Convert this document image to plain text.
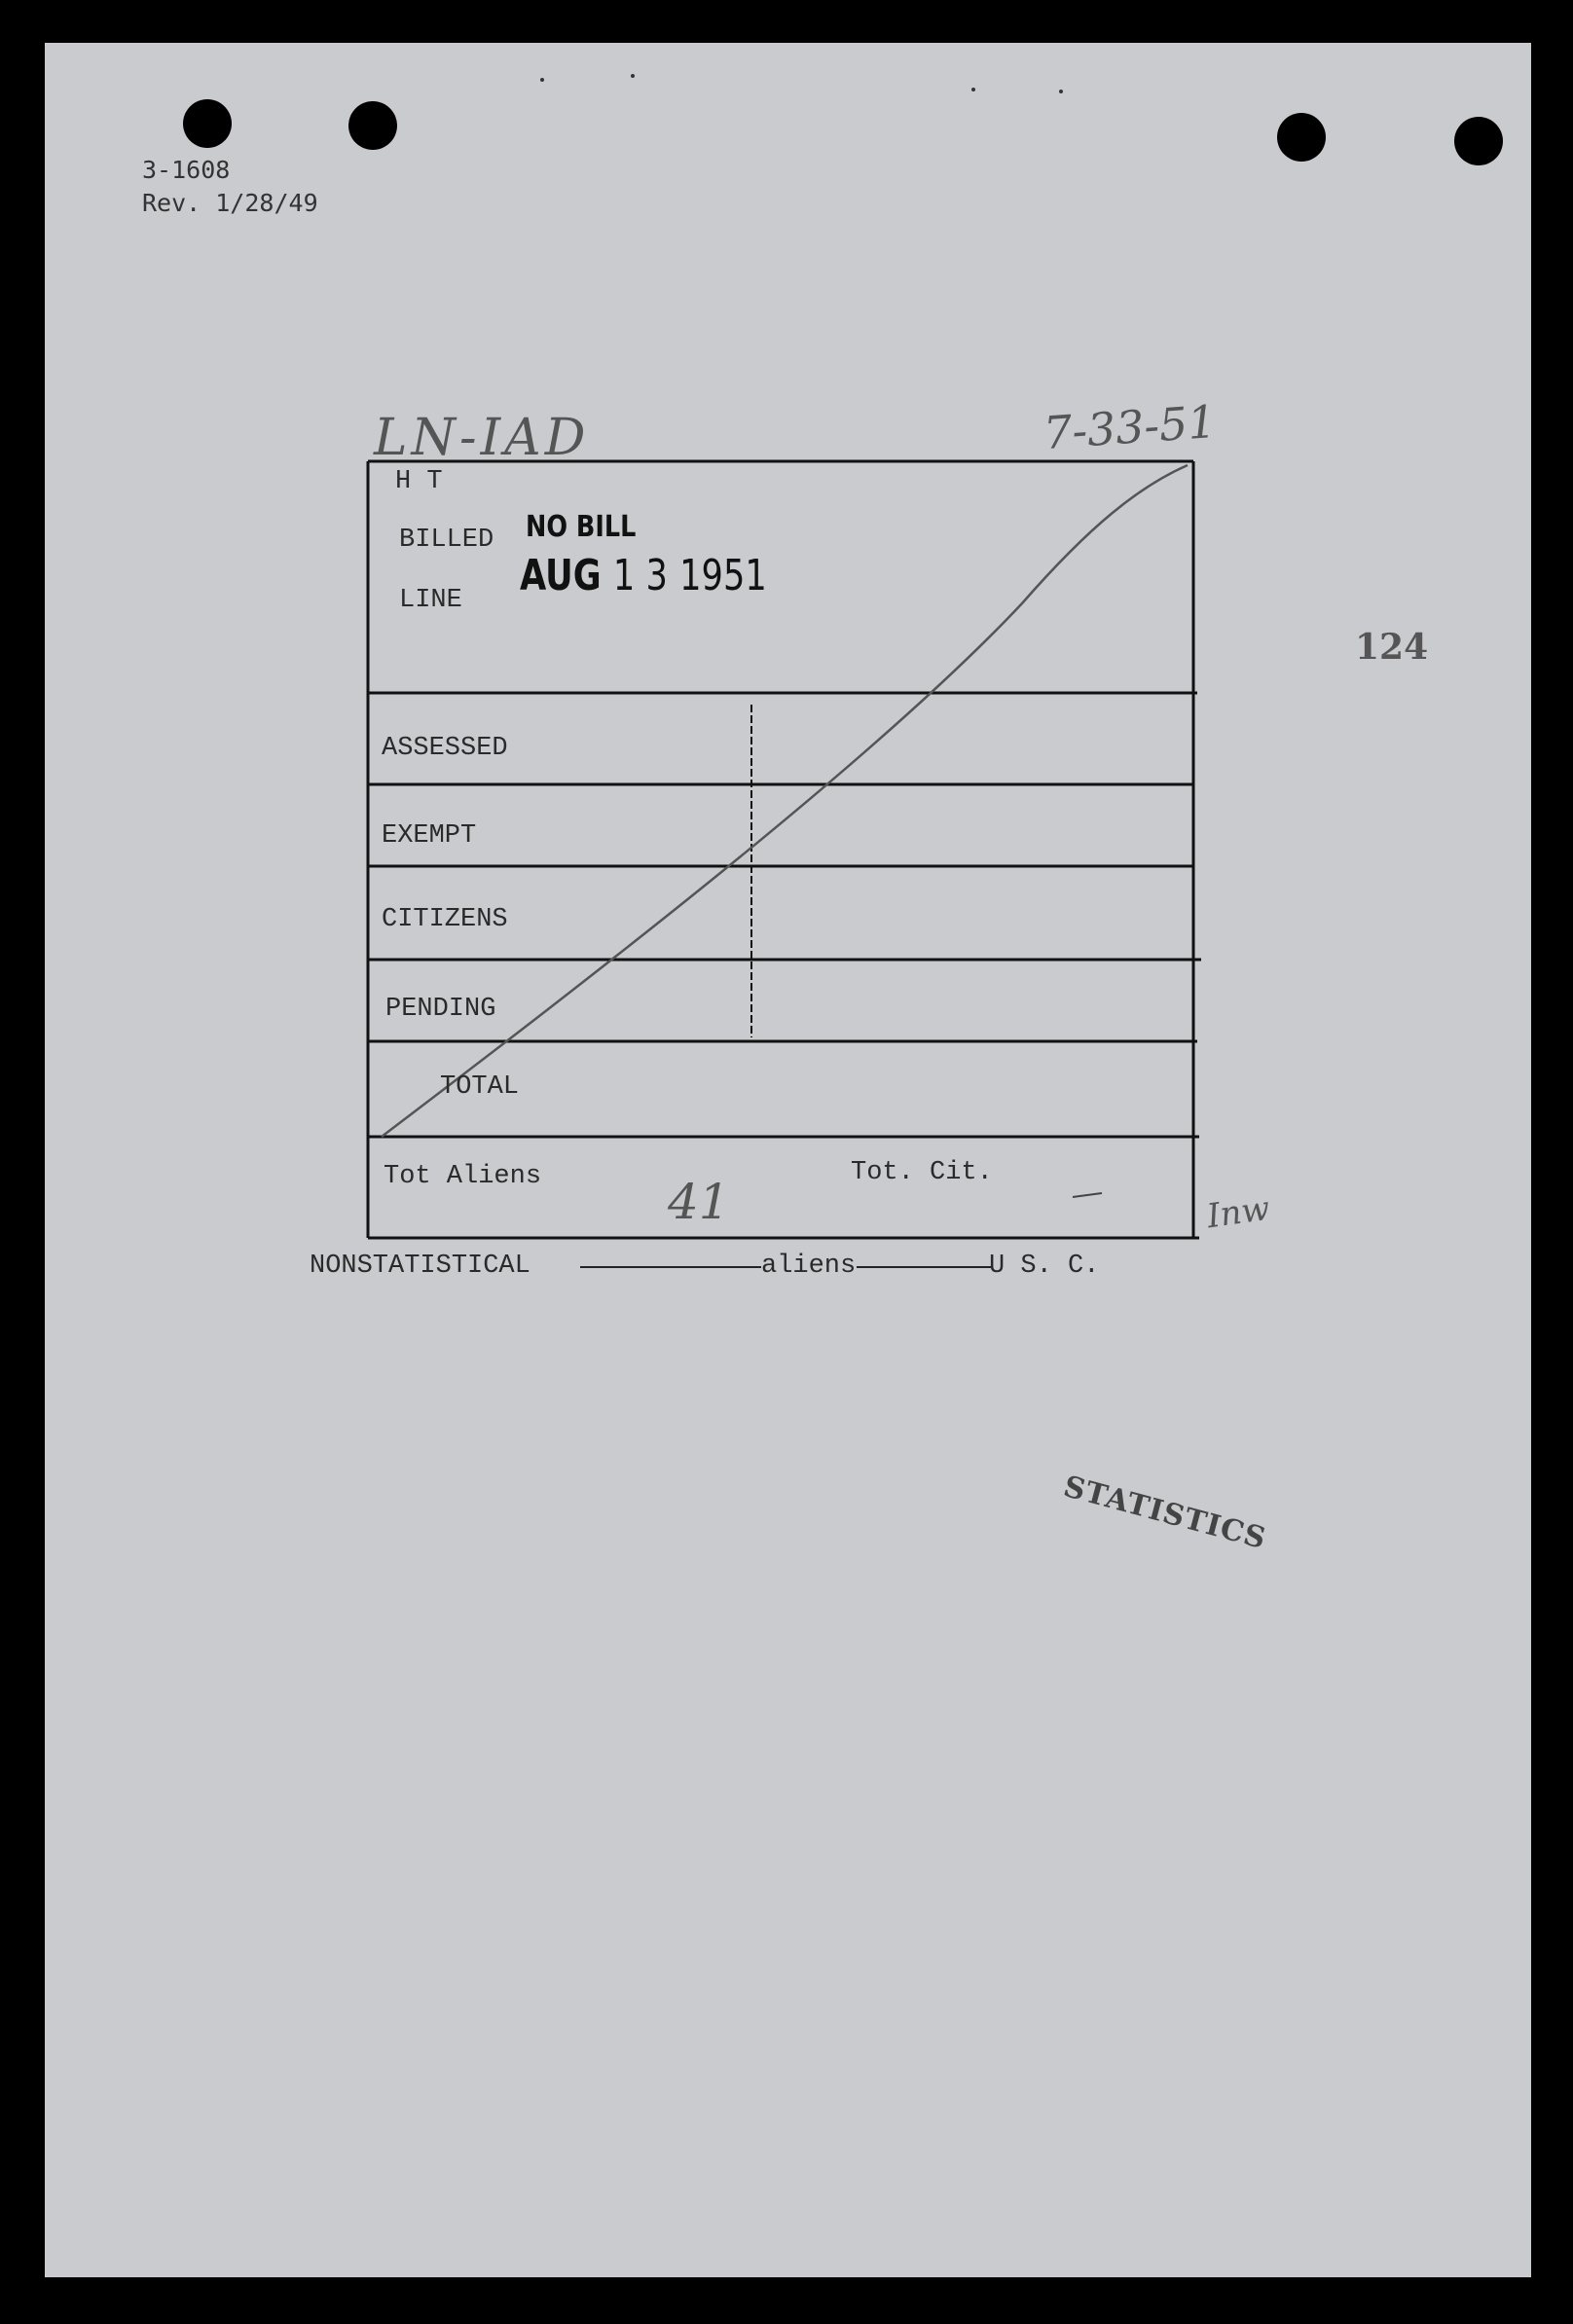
3-1608
Rev. 1/28/49
LN-IAD	7-33-51
124
H T
BILLED
LINE
NO BILL
AUG 1 3 1951
ASSESSED
EXEMPT
CITIZENS
PENDING
TOTAL
Tot Aliens	Tot. Cit.
41	Inw
NONSTATISTICAL	aliens	U S. C.
STATISTICS
